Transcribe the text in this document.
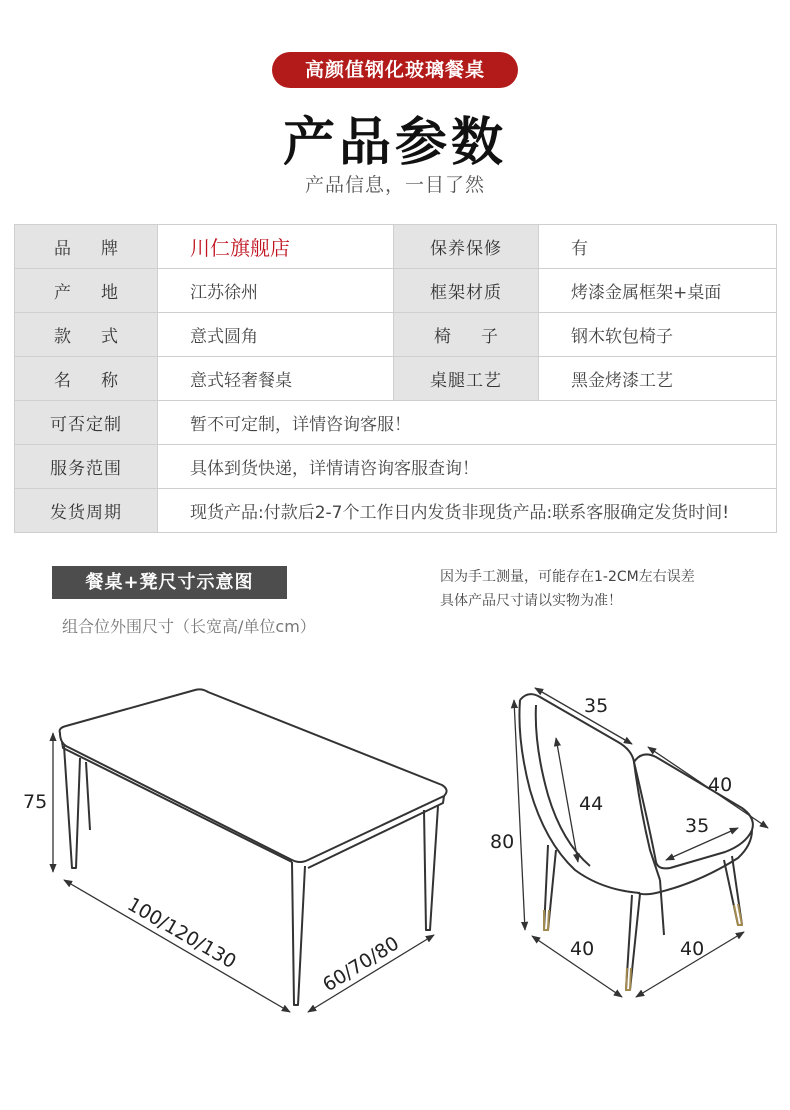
高颜值钢化玻璃餐桌
产品参数
产品信息，一目了然
品牌	川仁旗舰店	保养保修	有
产地	江苏徐州	框架材质	烤漆金属框架+桌面
款式	意式圆角	椅子	钢木软包椅子
名称	意式轻奢餐桌	桌腿工艺	黑金烤漆工艺
可否定制	暂不可定制，详情咨询客服！		
服务范围	具体到货快递，详情请咨询客服查询！		
发货周期	现货产品:付款后2-7个工作日内发货非现货产品:联系客服确定发货时间!		
餐桌+凳尺寸示意图	因为手工测量，可能存在1-2CM左右误差
具体产品尺寸请以实物为准！
组合位外围尺寸（长宽高/单位cm）
75
100/120/130	60/70/80
35
44
80
40
35
40	40
